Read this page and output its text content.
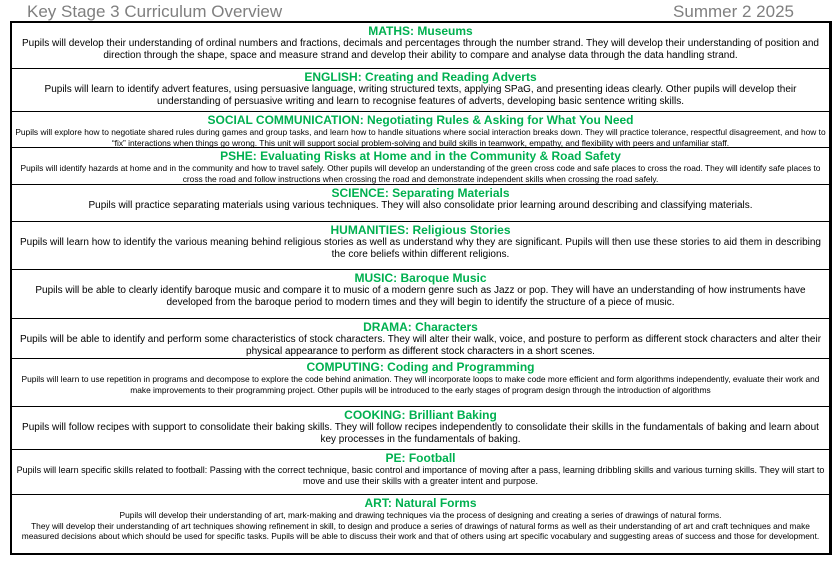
Key Stage 3 Curriculum Overview	Summer 2 2025
MATHS: Museums
Pupils will develop their understanding of ordinal numbers and fractions, decimals and percentages through the number strand. They will develop their understanding of position and direction through the shape, space and measure strand and develop their ability to compare and analyse data through the data handling strand.
ENGLISH: Creating and Reading Adverts
Pupils will learn to identify advert features, using persuasive language, writing structured texts, applying SPaG, and presenting ideas clearly. Other pupils will develop their understanding of persuasive writing and learn to recognise features of adverts, developing basic sentence writing skills.
SOCIAL COMMUNICATION: Negotiating Rules & Asking for What You Need
Pupils will explore how to negotiate shared rules during games and group tasks, and learn how to handle situations where social interaction breaks down. They will practice tolerance, respectful disagreement, and how to “fix” interactions when things go wrong. This unit will support social problem-solving and build skills in teamwork, empathy, and flexibility with peers and unfamiliar staff.
PSHE: Evaluating Risks at Home and in the Community & Road Safety
Pupils will identify hazards at home and in the community and how to travel safely. Other pupils will develop an understanding of the green cross code and safe places to cross the road. They will identify safe places to cross the road and follow instructions when crossing the road and demonstrate independent skills when crossing the road safely.
SCIENCE: Separating Materials
Pupils will practice separating materials using various techniques. They will also consolidate prior learning around describing and classifying materials.
HUMANITIES: Religious Stories
Pupils will learn how to identify the various meaning behind religious stories as well as understand why they are significant. Pupils will then use these stories to aid them in describing the core beliefs within different religions.
MUSIC: Baroque Music
Pupils will be able to clearly identify baroque music and compare it to music of a modern genre such as Jazz or pop. They will have an understanding of how instruments have developed from the baroque period to modern times and they will begin to identify the structure of a piece of music.
DRAMA: Characters
Pupils will be able to identify and perform some characteristics of stock characters. They will alter their walk, voice, and posture to perform as different stock characters and alter their physical appearance to perform as different stock characters in a short scenes.
COMPUTING: Coding and Programming
Pupils will learn to use repetition in programs and decompose to explore the code behind animation. They will incorporate loops to make code more efficient and form algorithms independently, evaluate their work and make improvements to their programming project. Other pupils will be introduced to the early stages of program design through the introduction of algorithms
COOKING: Brilliant Baking
Pupils will follow recipes with support to consolidate their baking skills. They will follow recipes independently to consolidate their skills in the fundamentals of baking and learn about key processes in the fundamentals of baking.
PE: Football
Pupils will learn specific skills related to football: Passing with the correct technique, basic control and importance of moving after a pass, learning dribbling skills and various turning skills. They will start to move and use their skills with a greater intent and purpose.
ART: Natural Forms
Pupils will develop their understanding of art, mark-making and drawing techniques via the process of designing and creating a series of drawings of natural forms.
They will develop their understanding of art techniques showing refinement in skill, to design and produce a series of drawings of natural forms as well as their understanding of art and craft techniques and make measured decisions about which should be used for specific tasks. Pupils will be able to discuss their work and that of others using art specific vocabulary and suggesting areas of success and those for development.
